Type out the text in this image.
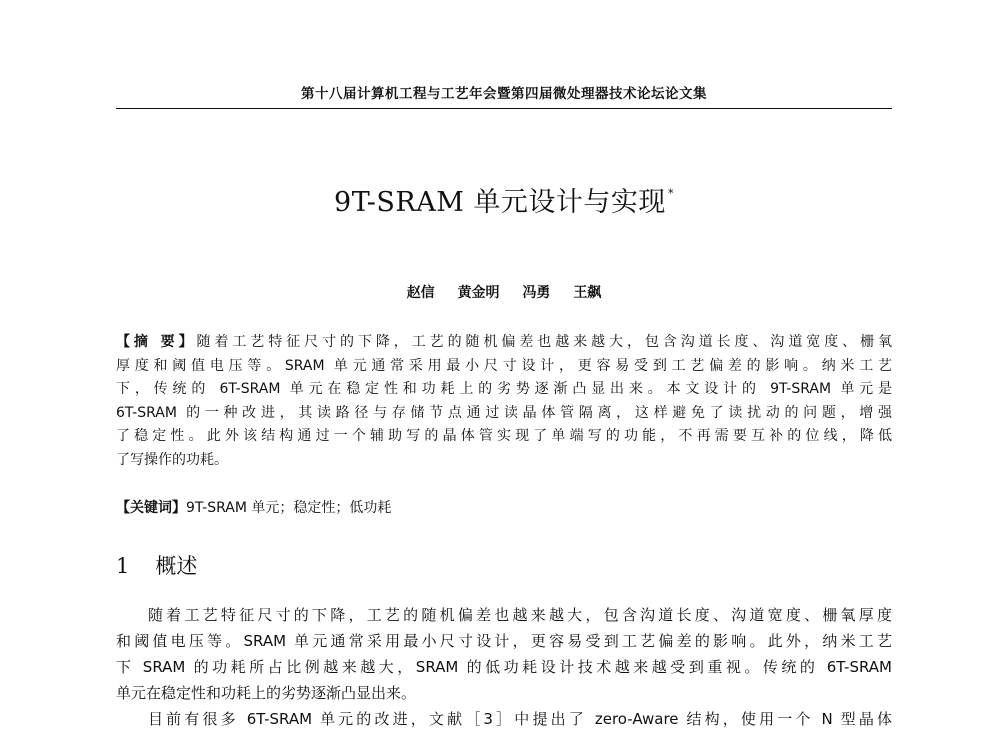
第十八届计算机工程与工艺年会暨第四届微处理器技术论坛论文集
9T-SRAM 单元设计与实现 *
赵信 黄金明 冯勇 王飙
【摘 要】随着工艺特征尺寸的下降，工艺的随机偏差也越来越大，包含沟道长度、沟道宽度、栅氧
厚度和阈值电压等。SRAM 单元通常采用最小尺寸设计，更容易受到工艺偏差的影响。纳米工艺
下，传统的 6T-SRAM 单元在稳定性和功耗上的劣势逐渐凸显出来。本文设计的 9T-SRAM 单元是
6T-SRAM 的一种改进，其读路径与存储节点通过读晶体管隔离，这样避免了读扰动的问题，增强
了稳定性。此外该结构通过一个辅助写的晶体管实现了单端写的功能，不再需要互补的位线，降低
了写操作的功耗。
【关键词】9T-SRAM 单元；稳定性；低功耗
1 概述
随着工艺特征尺寸的下降，工艺的随机偏差也越来越大，包含沟道长度、沟道宽度、栅氧厚度
和阈值电压等。SRAM 单元通常采用最小尺寸设计，更容易受到工艺偏差的影响。此外，纳米工艺
下 SRAM 的功耗所占比例越来越大，SRAM 的低功耗设计技术越来越受到重视。传统的 6T-SRAM
单元在稳定性和功耗上的劣势逐渐凸显出来。
目前有很多 6T-SRAM 单元的改进，文献［3］中提出了 zero-Aware 结构，使用一个 N 型晶体
